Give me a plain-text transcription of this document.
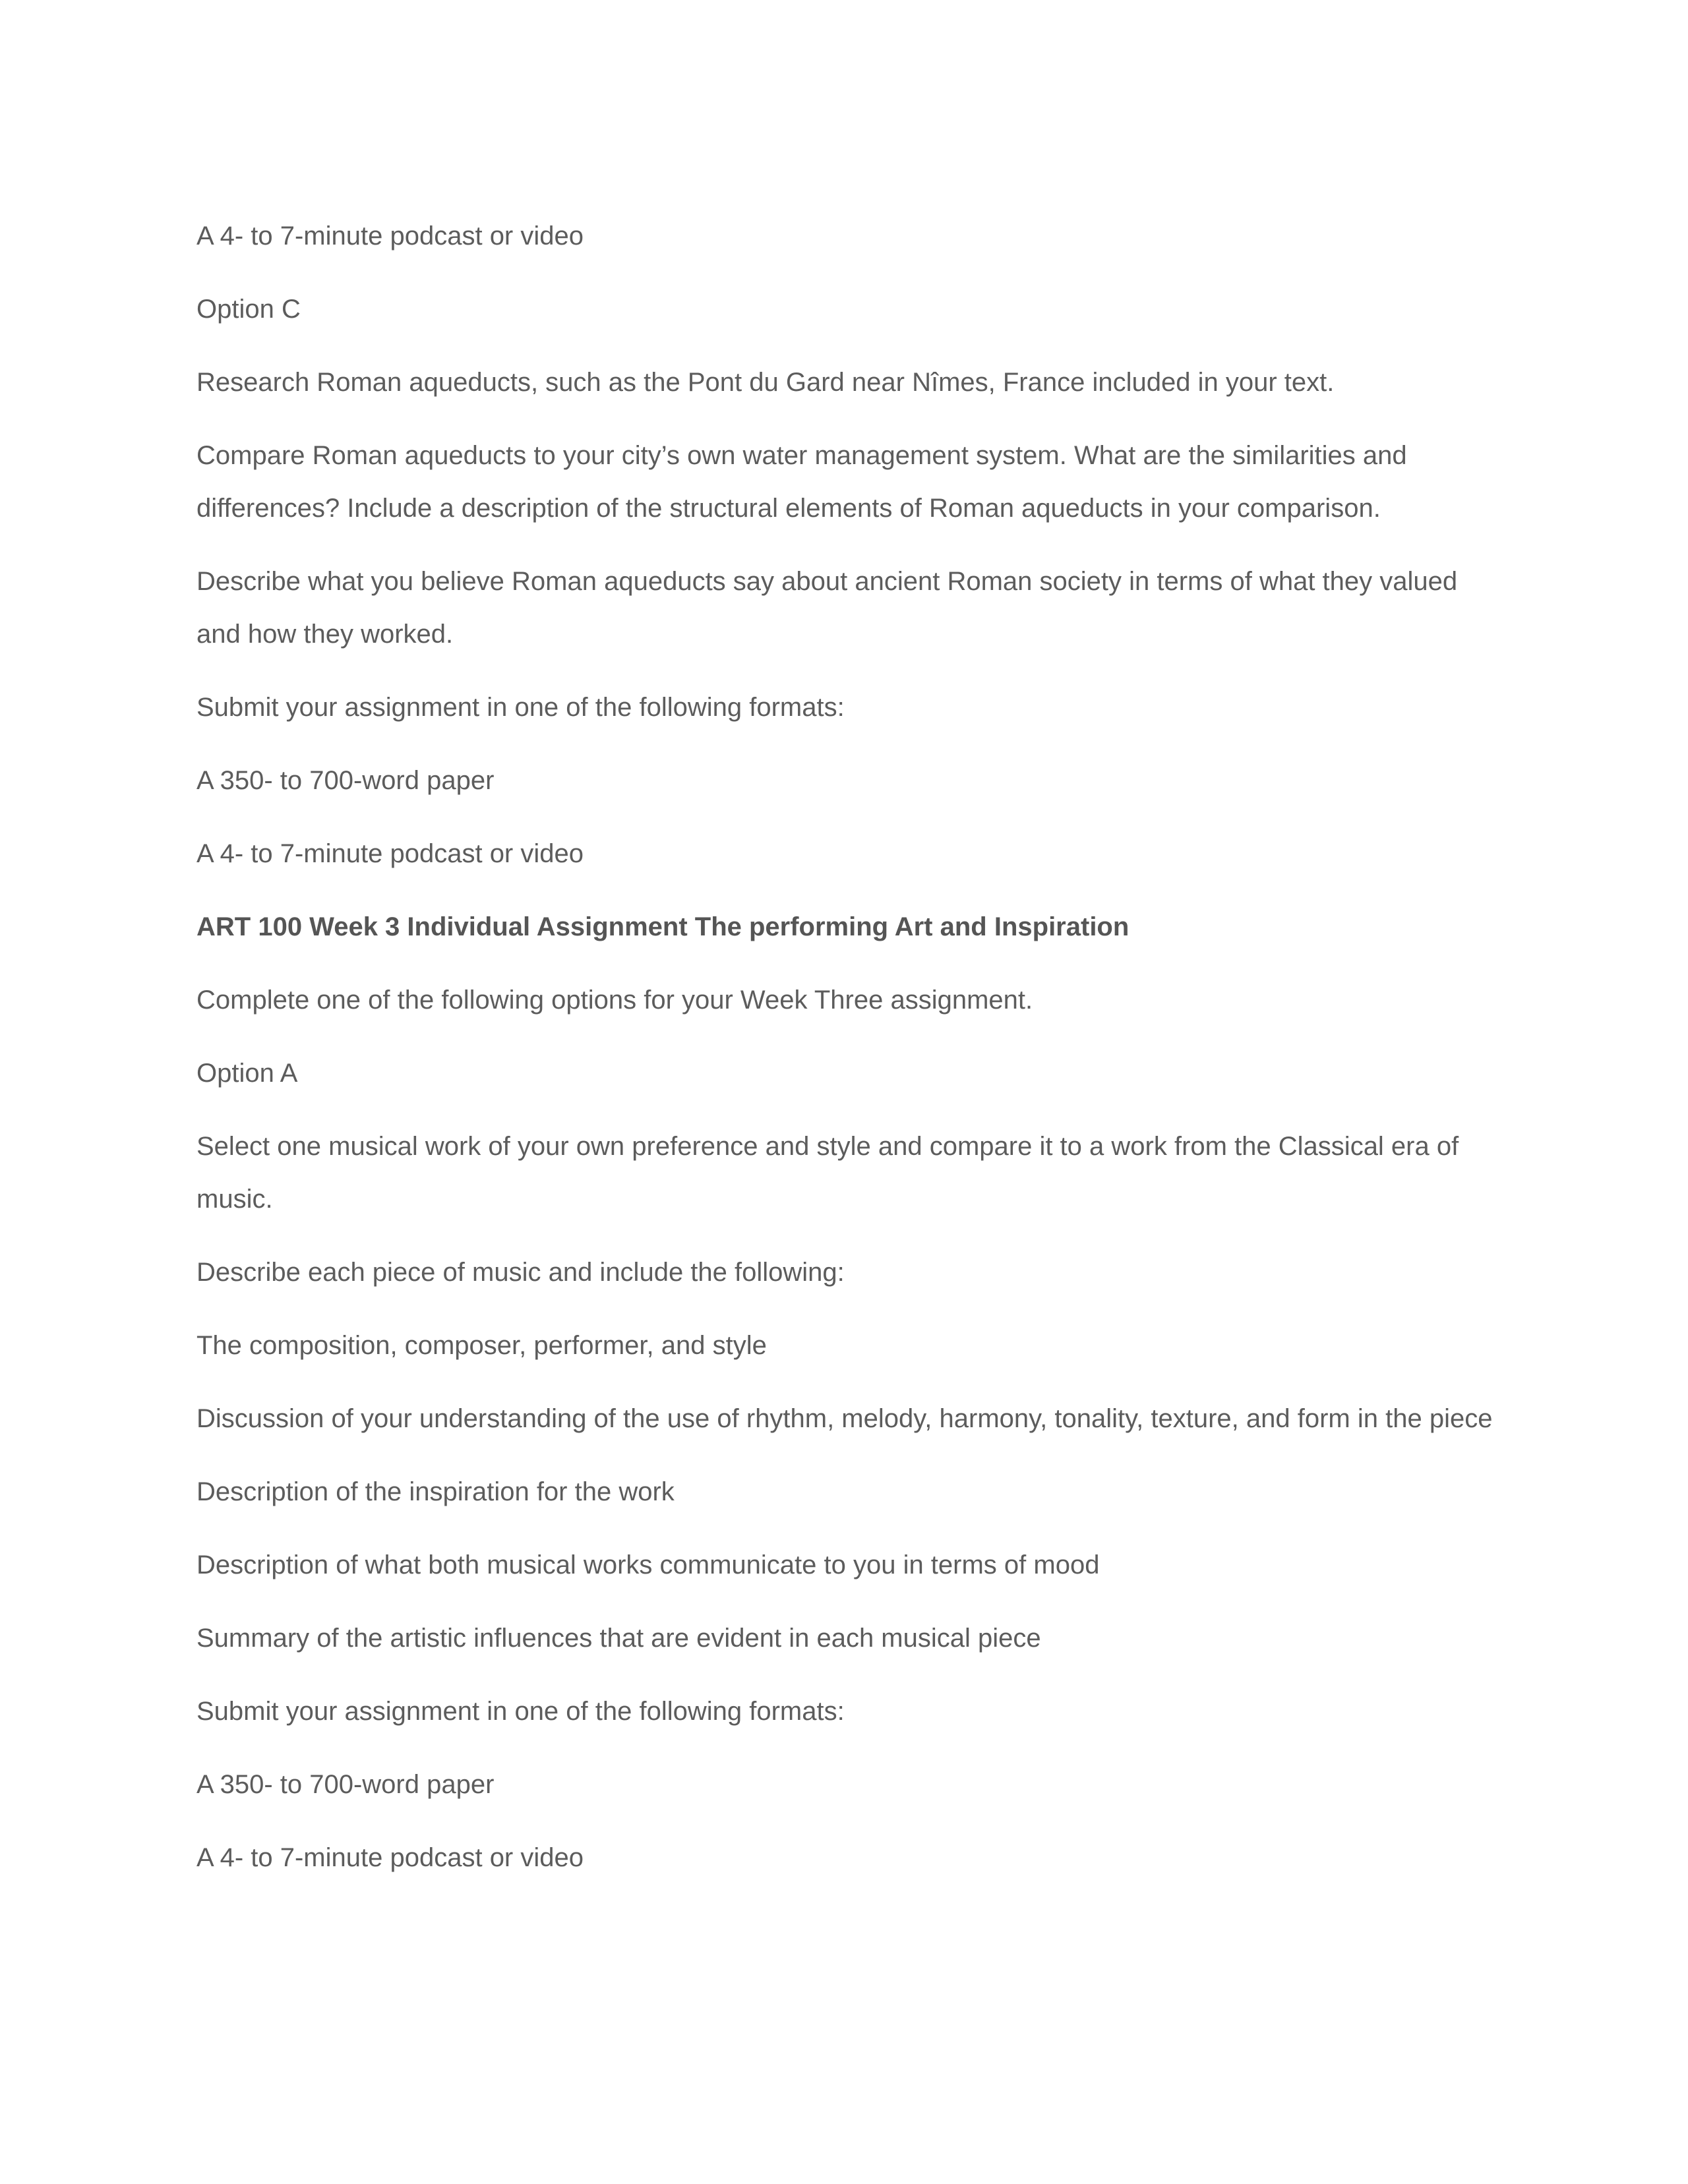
A 4- to 7-minute podcast or video

Option C

Research Roman aqueducts, such as the Pont du Gard near Nîmes, France included in your text.

Compare Roman aqueducts to your city’s own water management system. What are the similarities and differences? Include a description of the structural elements of Roman aqueducts in your comparison.

Describe what you believe Roman aqueducts say about ancient Roman society in terms of what they valued and how they worked.

Submit your assignment in one of the following formats:

A 350- to 700-word paper

A 4- to 7-minute podcast or video

ART 100 Week 3 Individual Assignment The performing Art and Inspiration

Complete one of the following options for your Week Three assignment.

Option A

Select one musical work of your own preference and style and compare it to a work from the Classical era of music.

Describe each piece of music and include the following:

The composition, composer, performer, and style

Discussion of your understanding of the use of rhythm, melody, harmony, tonality, texture, and form in the piece

Description of the inspiration for the work

Description of what both musical works communicate to you in terms of mood

Summary of the artistic influences that are evident in each musical piece

Submit your assignment in one of the following formats:

A 350- to 700-word paper

A 4- to 7-minute podcast or video
